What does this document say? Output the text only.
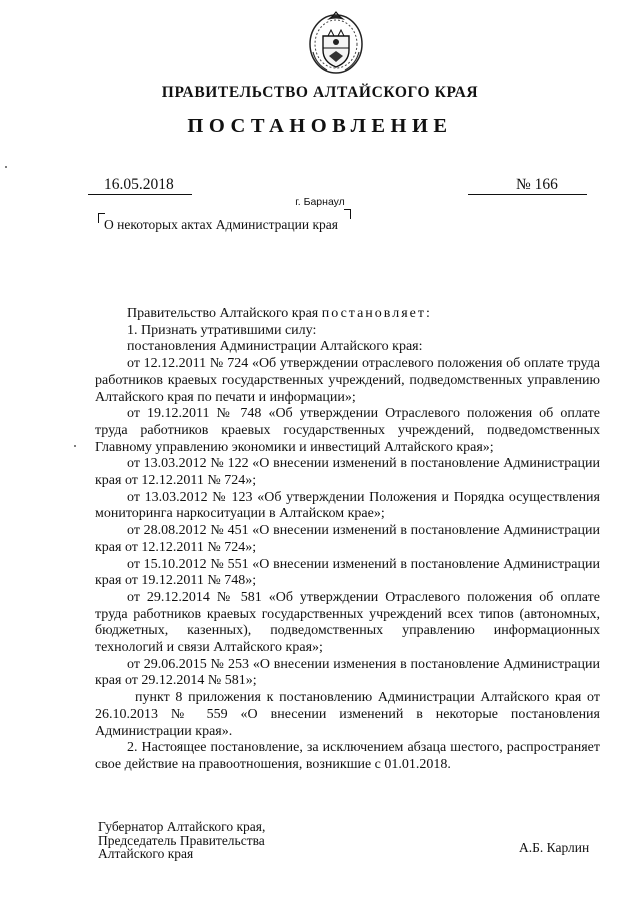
ПРАВИТЕЛЬСТВО АЛТАЙСКОГО КРАЯ
ПОСТАНОВЛЕНИЕ
16.05.2018	№ 166
г. Барнаул
О некоторых актах Администрации края

Правительство Алтайского края постановляет:

1. Признать утратившими силу:

постановления Администрации Алтайского края:

от 12.12.2011 № 724 «Об утверждении отраслевого положения об оплате труда работников краевых государственных учреждений, подведомственных управлению Алтайского края по печати и информации»;

от 19.12.2011 № 748 «Об утверждении Отраслевого положения об оплате труда работников краевых государственных учреждений, подведомственных Главному управлению экономики и инвестиций Алтайского края»;

от 13.03.2012 № 122 «О внесении изменений в постановление Администрации края от 12.12.2011 № 724»;

от 13.03.2012 № 123 «Об утверждении Положения и Порядка осуществления мониторинга наркоситуации в Алтайском крае»;

от 28.08.2012 № 451 «О внесении изменений в постановление Администрации края от 12.12.2011 № 724»;

от 15.10.2012 № 551 «О внесении изменений в постановление Администрации края от 19.12.2011 № 748»;

от 29.12.2014 № 581 «Об утверждении Отраслевого положения об оплате труда работников краевых государственных учреждений всех типов (автономных, бюджетных, казенных), подведомственных управлению информационных технологий и связи Алтайского края»;

от 29.06.2015 № 253 «О внесении изменения в постановление Администрации края от 29.12.2014 № 581»;

пункт 8 приложения к постановлению Администрации Алтайского края от 26.10.2013 № 559 «О внесении изменений в некоторые постановления Администрации края».

2. Настоящее постановление, за исключением абзаца шестого, распространяет свое действие на правоотношения, возникшие с 01.01.2018.

Губернатор Алтайского края,
Председатель Правительства
Алтайского края	А.Б. Карлин
